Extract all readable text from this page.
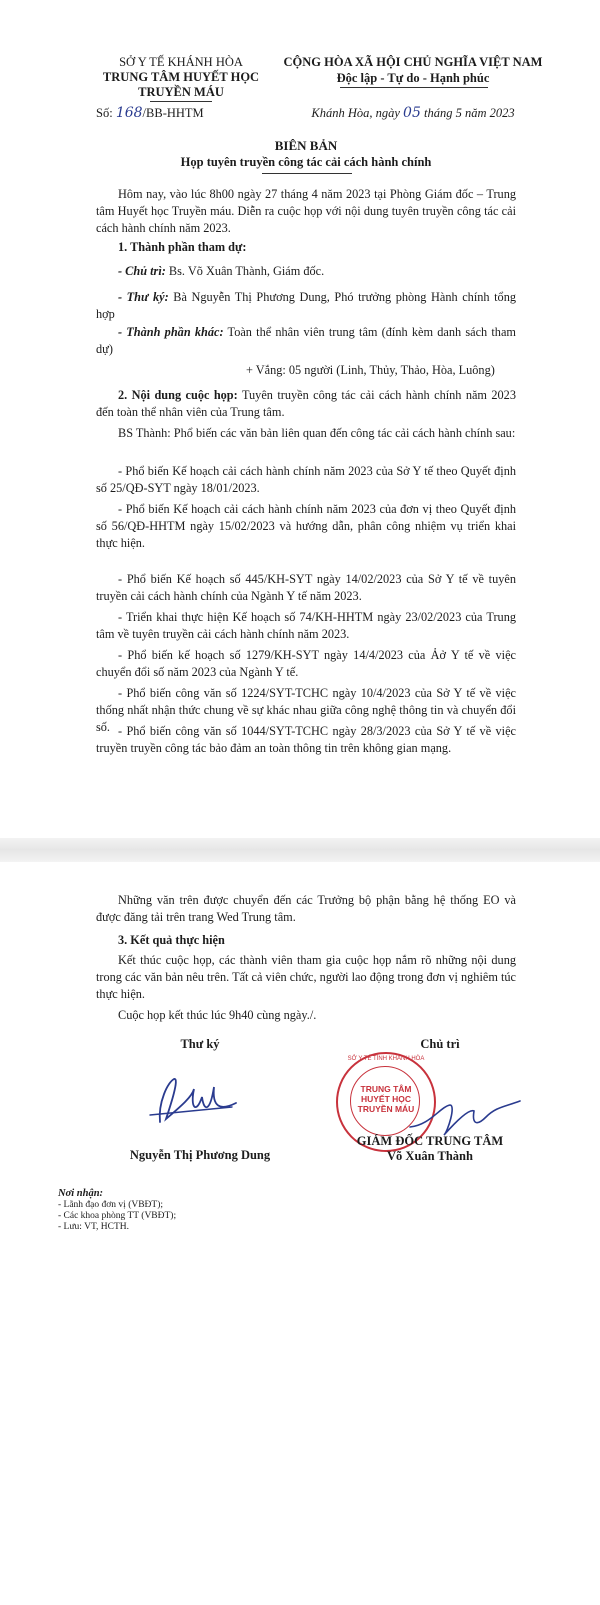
SỞ Y TẾ KHÁNH HÒA
TRUNG TÂM HUYẾT HỌC
TRUYỀN MÁU
Số: 168/BB-HHTM
CỘNG HÒA XÃ HỘI CHỦ NGHĨA VIỆT NAM
Độc lập - Tự do - Hạnh phúc
Khánh Hòa, ngày 05 tháng 5 năm 2023
BIÊN BẢN
Họp tuyên truyền công tác cải cách hành chính
Hôm nay, vào lúc 8h00 ngày 27 tháng 4 năm 2023 tại Phòng Giám đốc – Trung tâm Huyết học Truyền máu. Diễn ra cuộc họp với nội dung tuyên truyền công tác cải cách hành chính năm 2023.
1. Thành phần tham dự:
- Chủ trì: Bs. Võ Xuân Thành, Giám đốc.
- Thư ký: Bà Nguyễn Thị Phương Dung, Phó trưởng phòng Hành chính tổng hợp
- Thành phần khác: Toàn thể nhân viên trung tâm (đính kèm danh sách tham dự)
+ Vắng: 05 người (Linh, Thủy, Thảo, Hòa, Luông)
2. Nội dung cuộc họp: Tuyên truyền công tác cải cách hành chính năm 2023 đến toàn thể nhân viên của Trung tâm.
BS Thành: Phổ biến các văn bản liên quan đến công tác cải cách hành chính sau:
- Phổ biến Kế hoạch cải cách hành chính năm 2023 của Sở Y tế theo Quyết định số 25/QĐ-SYT ngày 18/01/2023.
- Phổ biến Kế hoạch cải cách hành chính năm 2023 của đơn vị theo Quyết định số 56/QĐ-HHTM ngày 15/02/2023 và hướng dẫn, phân công nhiệm vụ triển khai thực hiện.
- Phổ biến Kế hoạch số 445/KH-SYT ngày 14/02/2023 của Sở Y tế về tuyên truyền cải cách hành chính của Ngành Y tế năm 2023.
- Triển khai thực hiện Kế hoạch số 74/KH-HHTM ngày 23/02/2023 của Trung tâm về tuyên truyền cải cách hành chính năm 2023.
- Phổ biến kế hoạch số 1279/KH-SYT ngày 14/4/2023 của Ảở Y tế về việc chuyển đổi số năm 2023 của Ngành Y tế.
- Phổ biến công văn số 1224/SYT-TCHC ngày 10/4/2023 của Sở Y tế về việc thống nhất nhận thức chung về sự khác nhau giữa công nghệ thông tin và chuyển đổi số. - Phổ biến công văn số 1044/SYT-TCHC ngày 28/3/2023 của Sở Y tế về việc truyền truyền công tác bảo đảm an toàn thông tin trên không gian mạng.
Những văn trên được chuyển đến các Trưởng bộ phận bằng hệ thống EO và được đăng tải trên trang Wed Trung tâm.
3. Kết quả thực hiện
Kết thúc cuộc họp, các thành viên tham gia cuộc họp nắm rõ những nội dung trong các văn bản nêu trên. Tất cả viên chức, người lao động trong đơn vị nghiêm túc thực hiện.
Cuộc họp kết thúc lúc 9h40 cùng ngày./.
Thư ký
Nguyễn Thị Phương Dung
Chủ trì
SỞ Y TẾ TỈNH KHÁNH HÒA
TRUNG TÂM
HUYẾT HỌC
TRUYỀN MÁU
GIÁM ĐỐC TRUNG TÂM
Võ Xuân Thành
Nơi nhận:
- Lãnh đạo đơn vị (VBĐT);
- Các khoa phòng TT (VBĐT);
- Lưu: VT, HCTH.
